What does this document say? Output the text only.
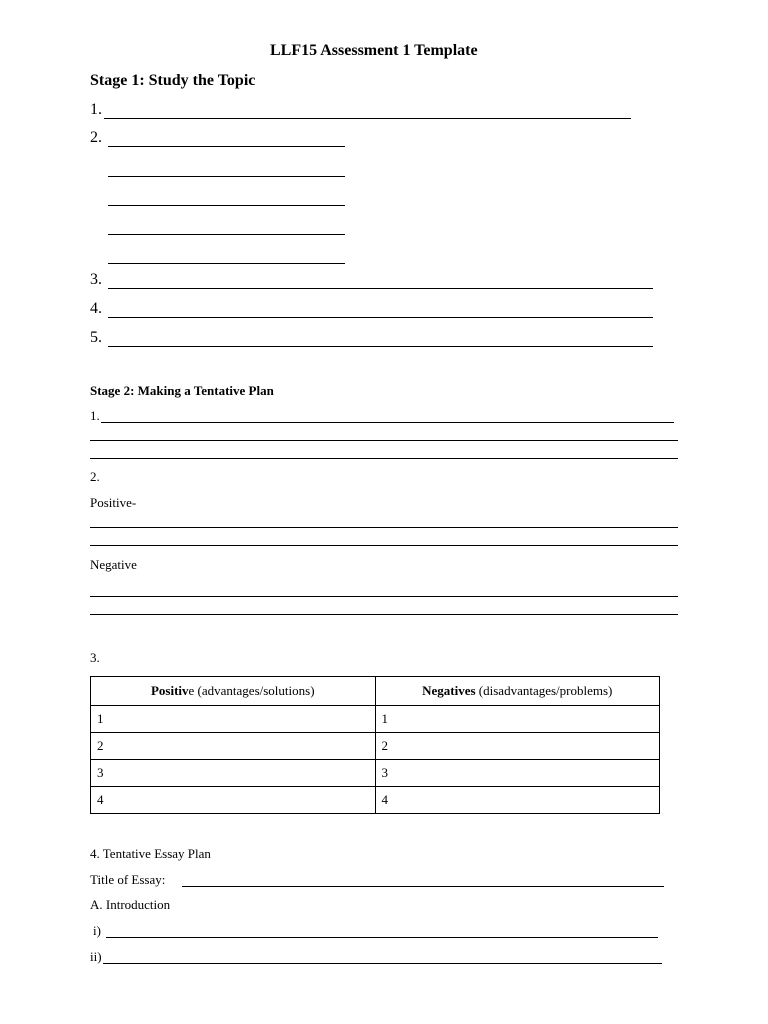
LLF15 Assessment 1 Template
Stage 1: Study the Topic
1.
2.
3.
4.
5.
Stage 2: Making a Tentative Plan
1.
2.
Positive-
Negative
3.
Positive (advantages/solutions)	Negatives (disadvantages/problems)
1	1
2	2
3	3
4	4
4. Tentative Essay Plan
Title of Essay:
A. Introduction
i)
ii)
